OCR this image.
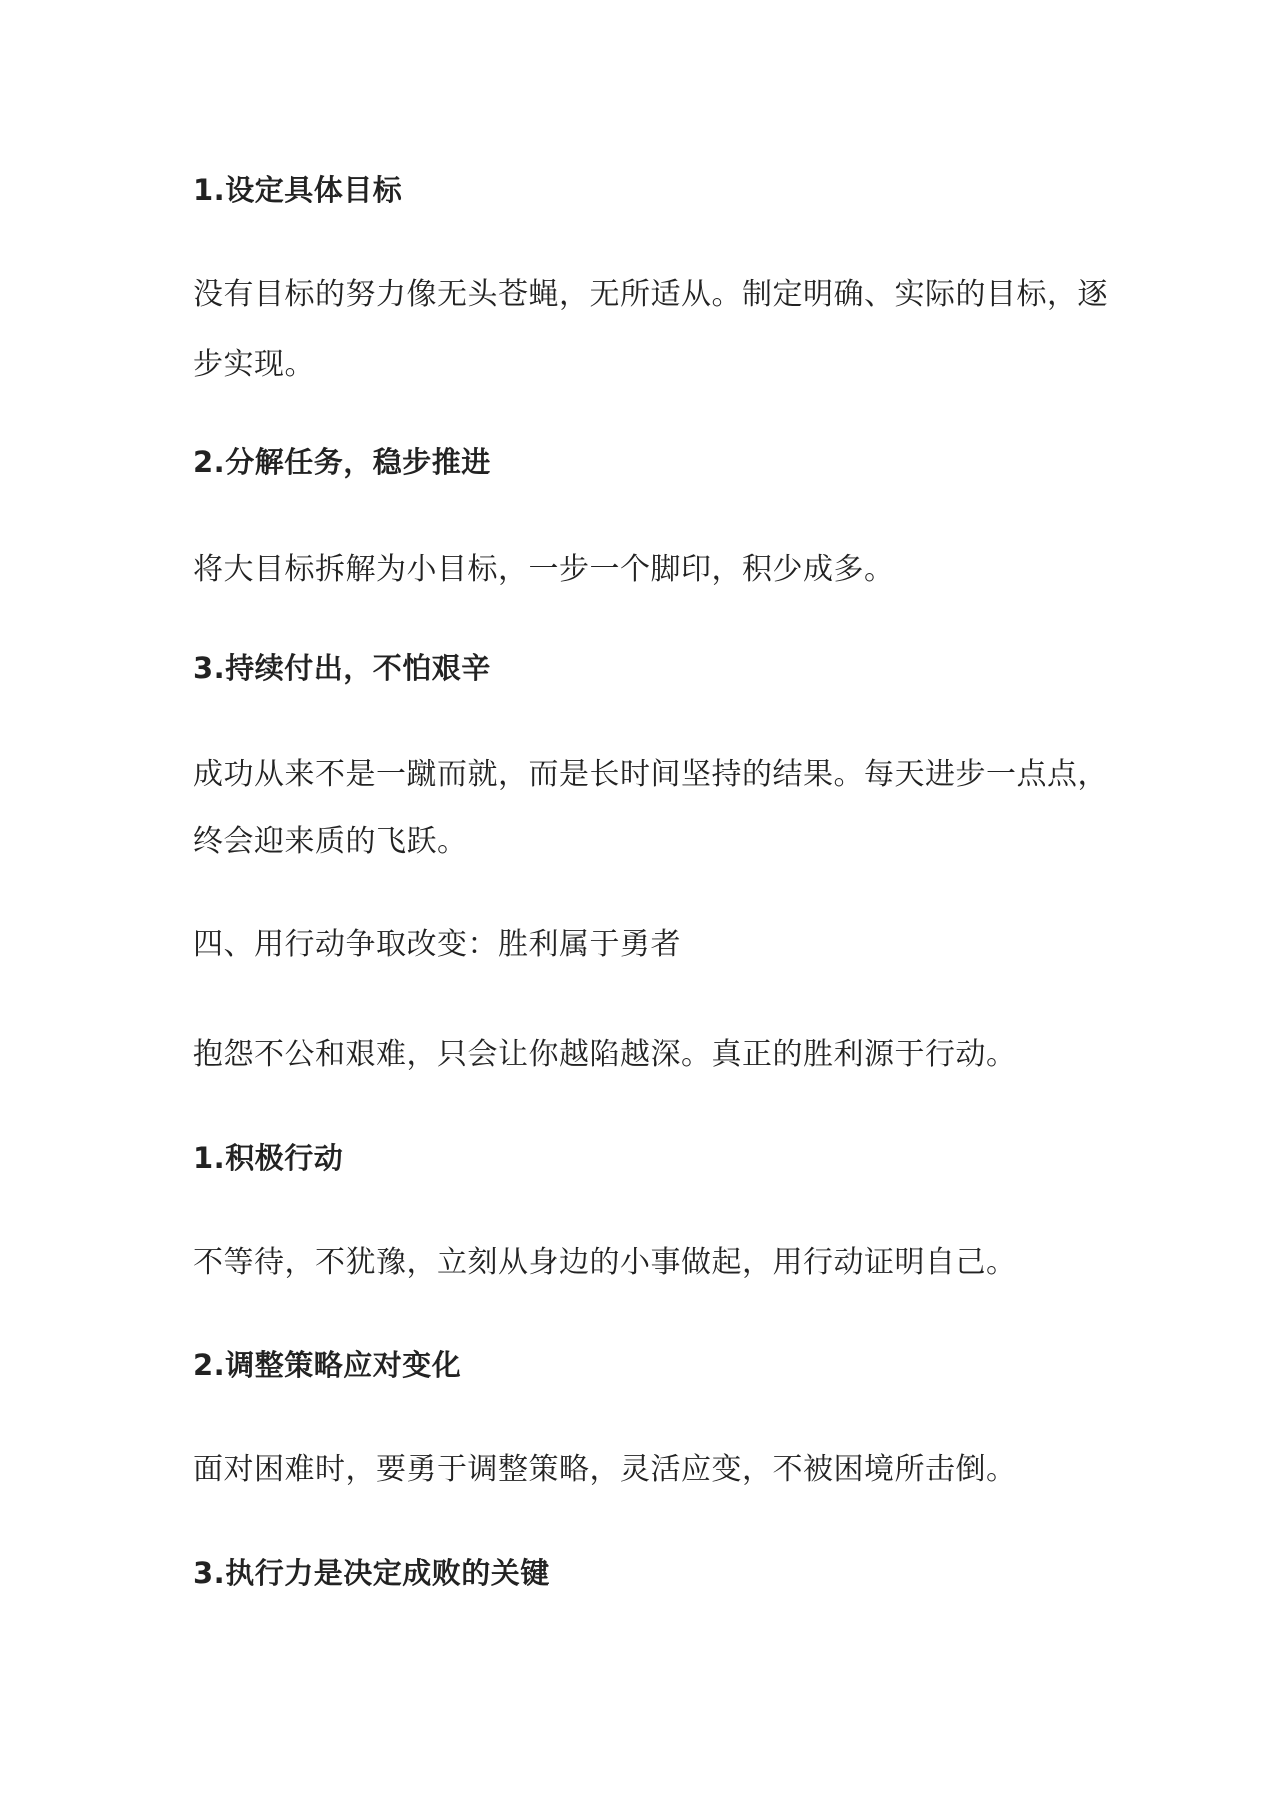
1.设定具体目标

没有目标的努力像无头苍蝇，无所适从。制定明确、实际的目标，逐

步实现。

2.分解任务，稳步推进

将大目标拆解为小目标，一步一个脚印，积少成多。

3.持续付出，不怕艰辛

成功从来不是一蹴而就，而是长时间坚持的结果。每天进步一点点，

终会迎来质的飞跃。

四、用行动争取改变：胜利属于勇者

抱怨不公和艰难，只会让你越陷越深。真正的胜利源于行动。

1.积极行动

不等待，不犹豫，立刻从身边的小事做起，用行动证明自己。

2.调整策略应对变化

面对困难时，要勇于调整策略，灵活应变，不被困境所击倒。

3.执行力是决定成败的关键
